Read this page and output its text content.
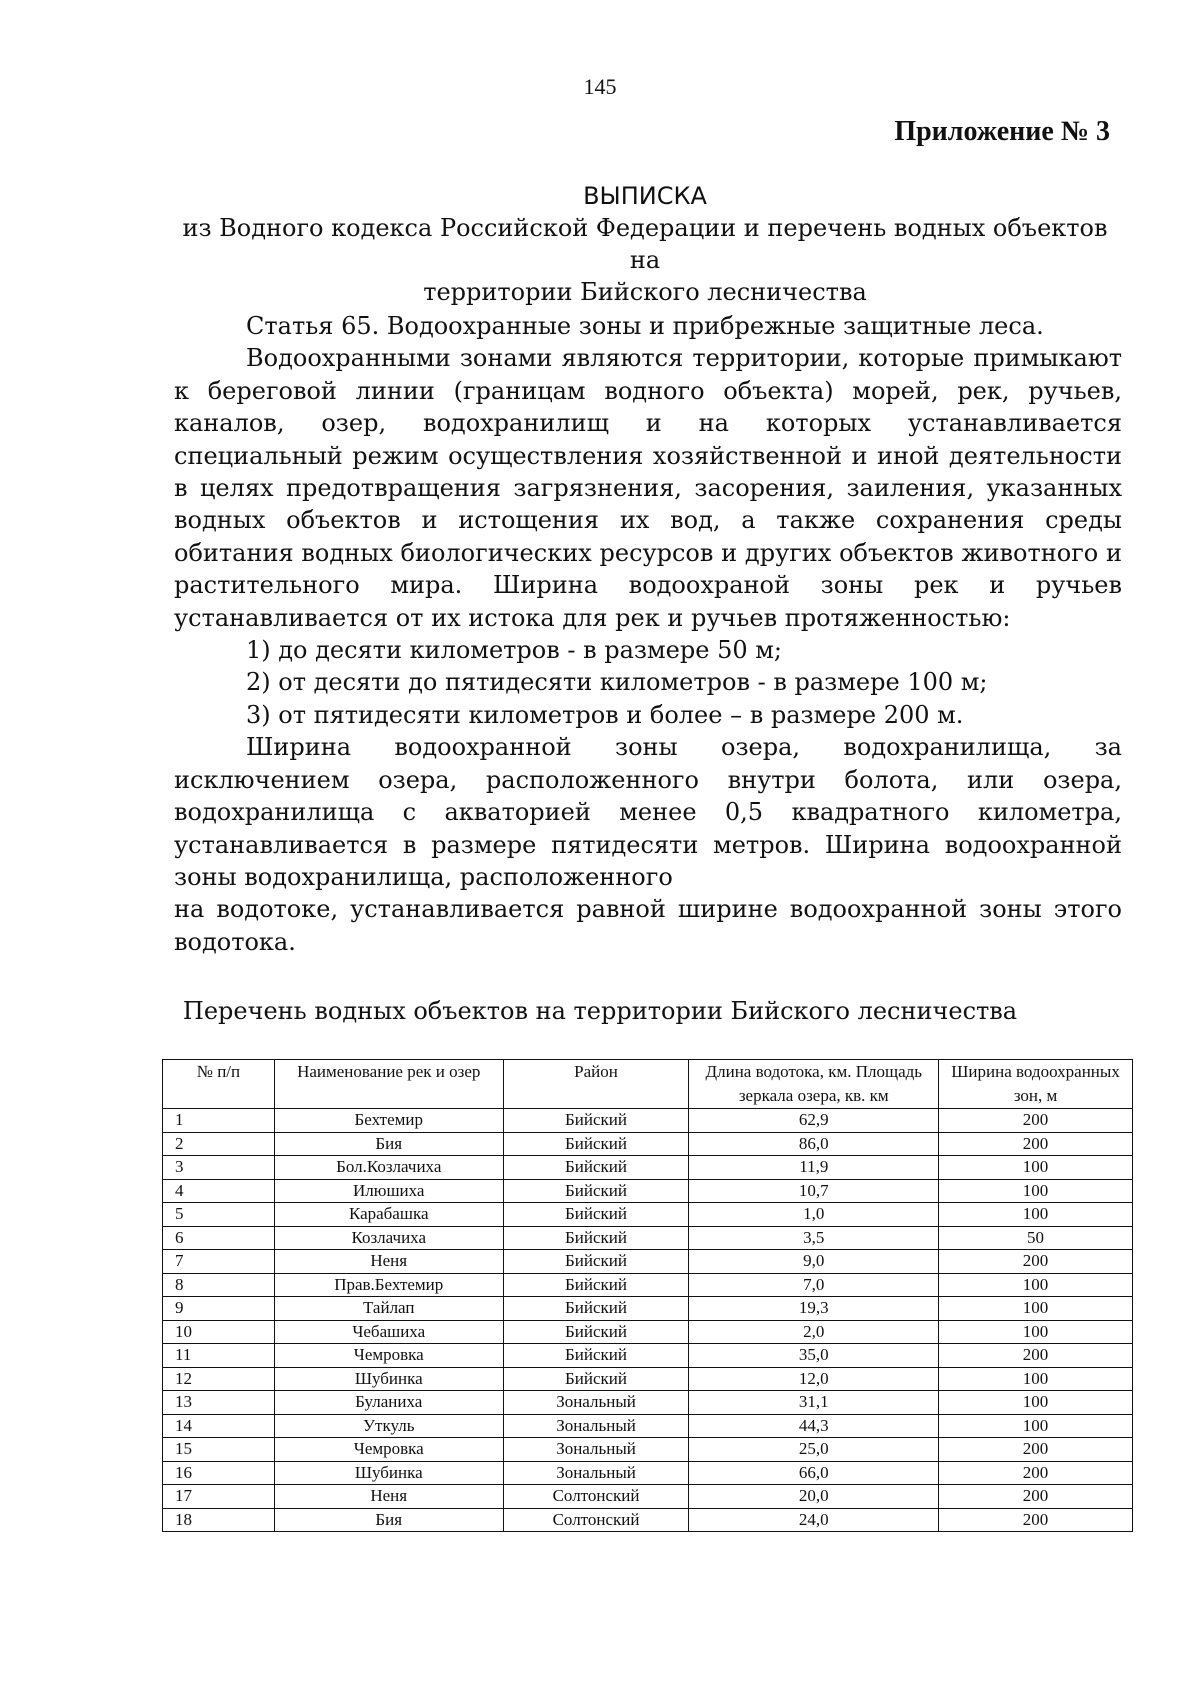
145
Приложение № 3
ВЫПИСКА
из Водного кодекса Российской Федерации и перечень водных объектов на
территории Бийского лесничества

Статья 65. Водоохранные зоны и прибрежные защитные леса.

Водоохранными зонами являются территории, которые примыкают к береговой линии (границам водного объекта) морей, рек, ручьев, каналов, озер, водохранилищ и на которых устанавливается специальный режим осуществления хозяйственной и иной деятельности в целях предотвращения загрязнения, засорения, заиления, указанных водных объектов и истощения их вод, а также сохранения среды обитания водных биологических ресурсов и других объектов животного и растительного мира. Ширина водоохраной зоны рек и ручьев устанавливается от их истока для рек и ручьев протяженностью:

1) до десяти километров - в размере 50 м;

2) от десяти до пятидесяти километров - в размере 100 м;

3) от пятидесяти километров и более – в размере 200 м.

Ширина водоохранной зоны озера, водохранилища, за исключением озера, расположенного внутри болота, или озера, водохранилища с акваторией менее 0,5 квадратного километра, устанавливается в размере пятидесяти метров. Ширина водоохранной зоны водохранилища, расположенного

на водотоке, устанавливается равной ширине водоохранной зоны этого водотока.

Перечень водных объектов на территории Бийского лесничества
№ п/п	Наименование рек и озер	Район	Длина водотока, км. Площадь зеркала озера, кв. км	Ширина водоохранных зон, м
1	Бехтемир	Бийский	62,9	200
2	Бия	Бийский	86,0	200
3	Бол.Козлачиха	Бийский	11,9	100
4	Илюшиха	Бийский	10,7	100
5	Карабашка	Бийский	1,0	100
6	Козлачиха	Бийский	3,5	50
7	Неня	Бийский	9,0	200
8	Прав.Бехтемир	Бийский	7,0	100
9	Тайлап	Бийский	19,3	100
10	Чебашиха	Бийский	2,0	100
11	Чемровка	Бийский	35,0	200
12	Шубинка	Бийский	12,0	100
13	Буланиха	Зональный	31,1	100
14	Уткуль	Зональный	44,3	100
15	Чемровка	Зональный	25,0	200
16	Шубинка	Зональный	66,0	200
17	Неня	Солтонский	20,0	200
18	Бия	Солтонский	24,0	200
